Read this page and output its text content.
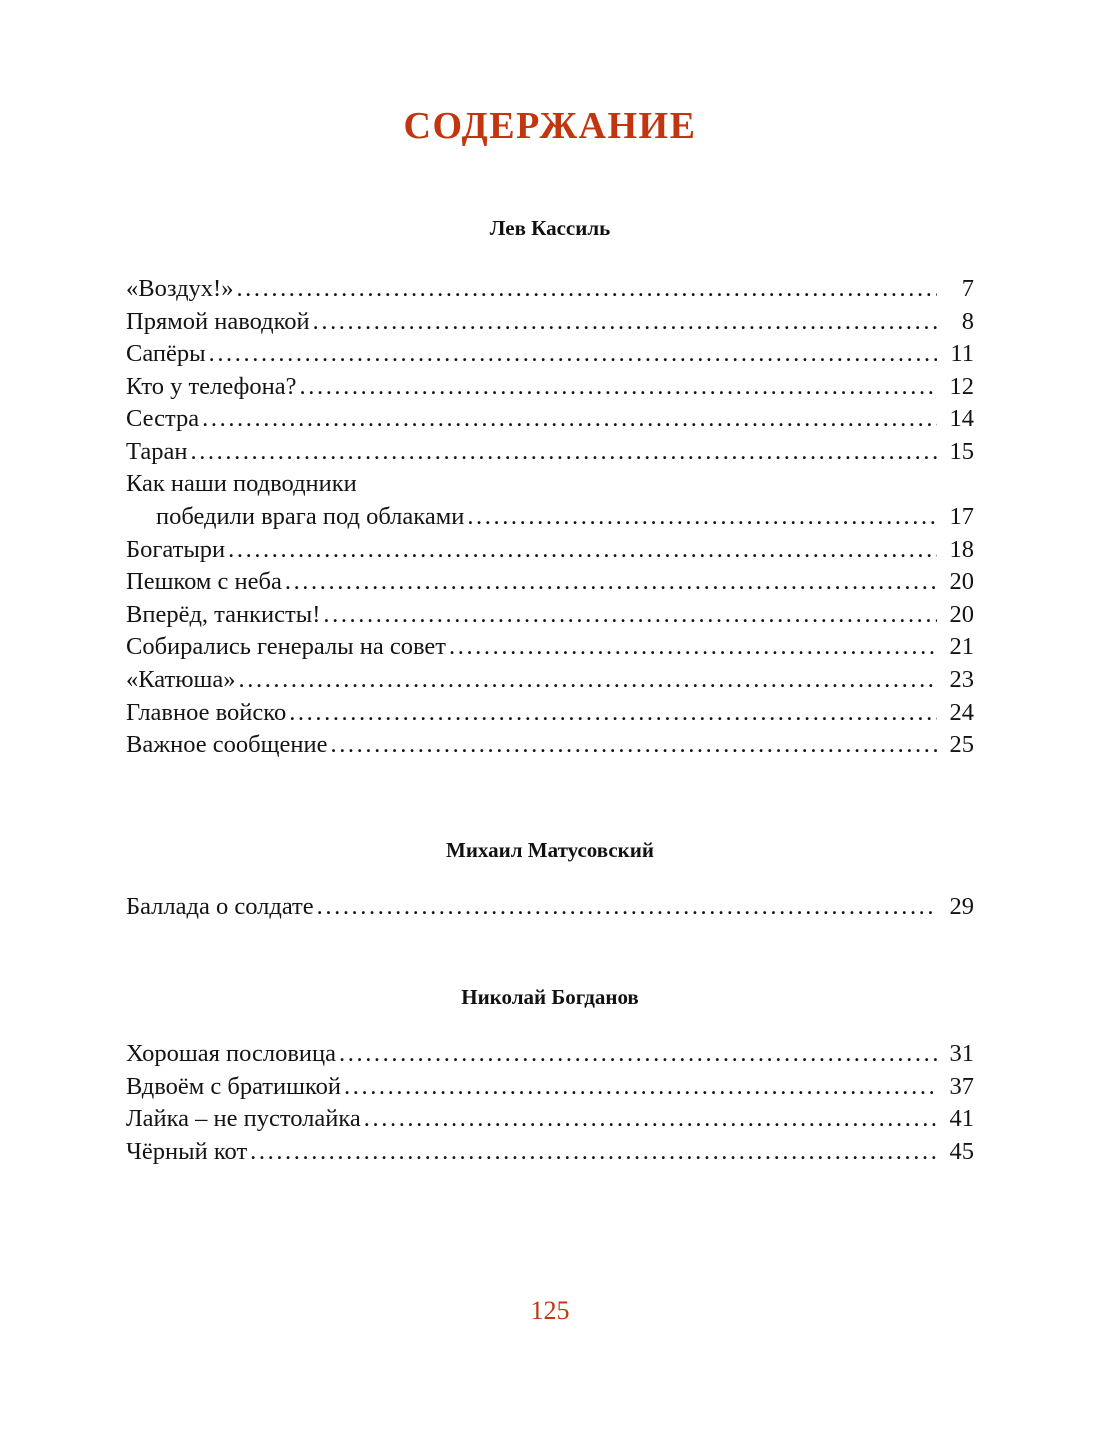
СОДЕРЖАНИЕ
Лев Кассиль
«Воздух!» .....	7
Прямой наводкой .....	8
Сапёры .....	11
Кто у телефона? .....	12
Сестра .....	14
Таран .....	15
Как наши подводники
победили врага под облаками .....	17
Богатыри .....	18
Пешком с неба .....	20
Вперёд, танкисты! .....	20
Собирались генералы на совет .....	21
«Катюша» .....	23
Главное войско .....	24
Важное сообщение .....	25
Михаил Матусовский
Баллада о солдате .....	29
Николай Богданов
Хорошая пословица .....	31
Вдвоём с братишкой .....	37
Лайка – не пустолайка .....	41
Чёрный кот .....	45
125
